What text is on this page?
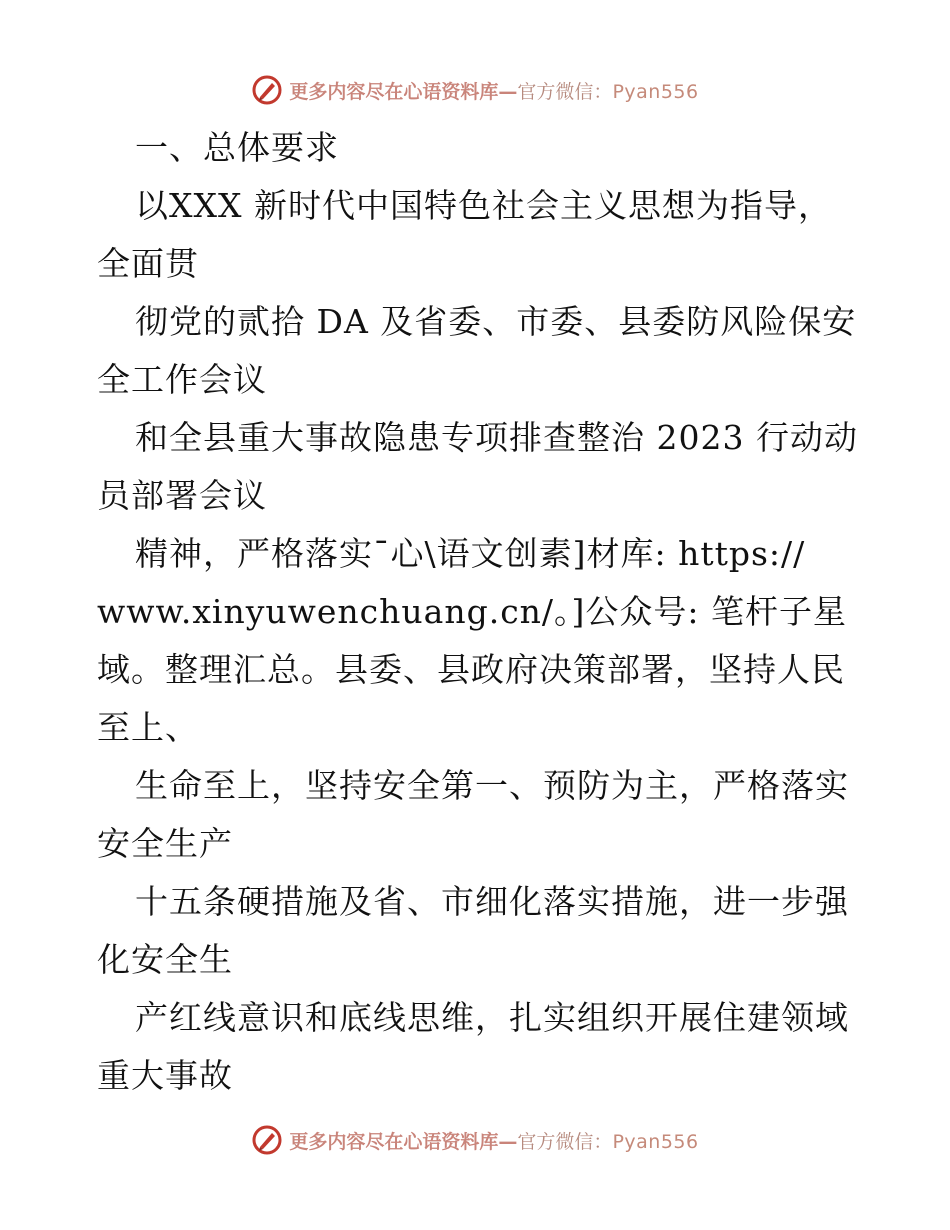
更多内容尽在心语资料库—官方微信：Pyan556
一、总体要求
以XXX 新时代中国特色社会主义思想为指导，
全面贯
彻党的贰拾 DA 及省委、市委、县委防风险保安
全工作会议
和全县重大事故隐患专项排查整治 2023 行动动
员部署会议
精神，严格落实¯心\语文创素]材库: https://
www.xinyuwenchuang.cn/。]公众号: 笔杆子星
域。整理汇总。县委、县政府决策部署，坚持人民
至上、
生命至上，坚持安全第一、预防为主，严格落实
安全生产
十五条硬措施及省、市细化落实措施，进一步强
化安全生
产红线意识和底线思维，扎实组织开展住建领域
重大事故
更多内容尽在心语资料库—官方微信：Pyan556
